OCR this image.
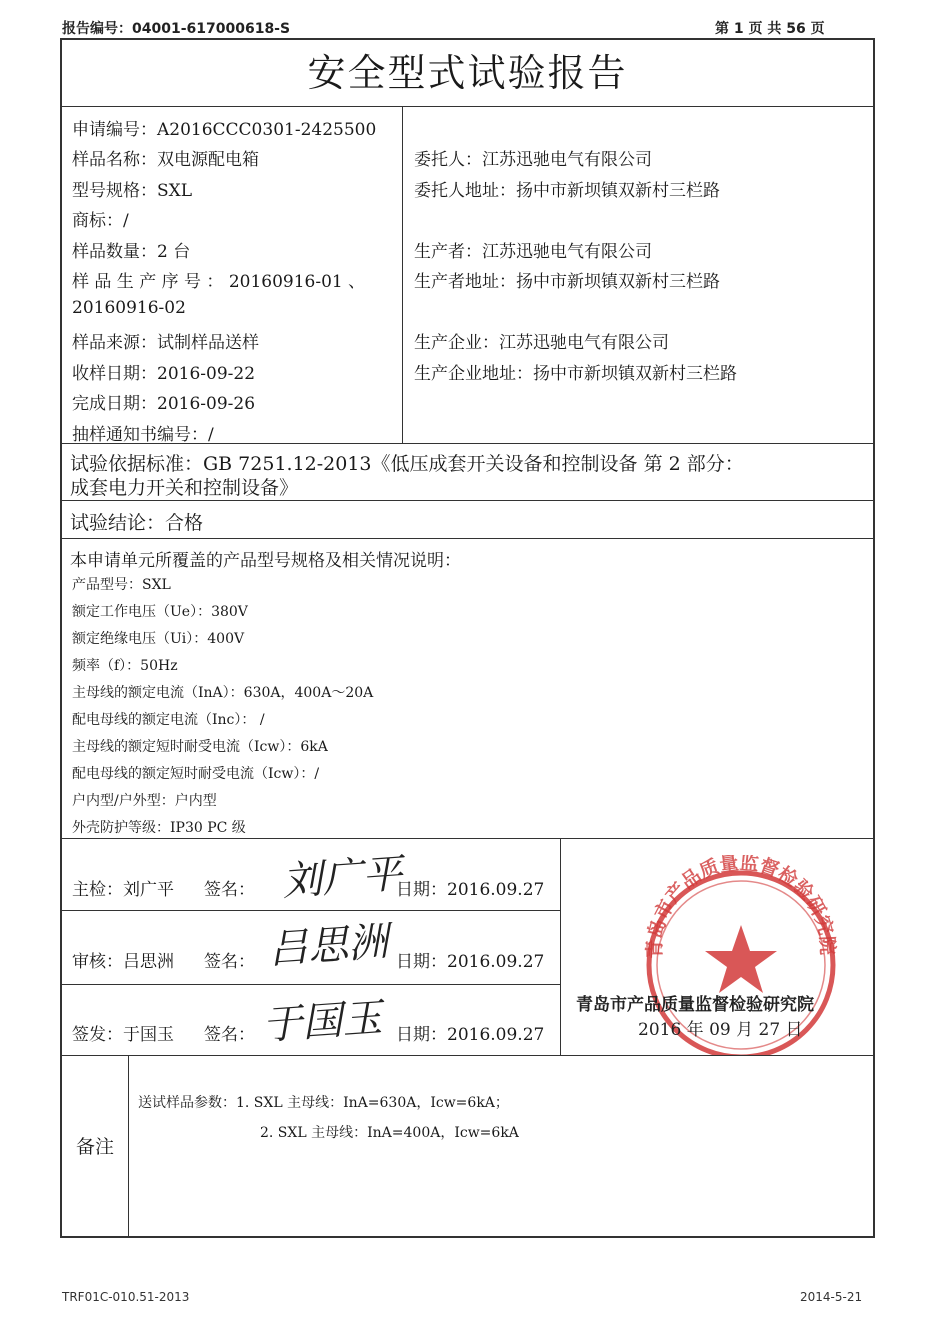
报告编号：04001-617000618-S	第 1 页 共 56 页
安全型式试验报告
申请编号：A2016CCC0301-2425500
样品名称：双电源配电箱
型号规格：SXL
商标：/
样品数量：2 台
样 品 生 产 序 号 ： 20160916-01 、
20160916-02
样品来源：试制样品送样
收样日期：2016-09-22
完成日期：2016-09-26
抽样通知书编号：/
委托人：江苏迅驰电气有限公司
委托人地址：扬中市新坝镇双新村三栏路
生产者：江苏迅驰电气有限公司
生产者地址：扬中市新坝镇双新村三栏路
生产企业：江苏迅驰电气有限公司
生产企业地址：扬中市新坝镇双新村三栏路
试验依据标准：GB 7251.12-2013《低压成套开关设备和控制设备 第 2 部分：
成套电力开关和控制设备》
试验结论：合格
本申请单元所覆盖的产品型号规格及相关情况说明：
产品型号：SXL
额定工作电压（Ue）：380V
额定绝缘电压（Ui）：400V
频率（f）：50Hz
主母线的额定电流（InA）：630A，400A～20A
配电母线的额定电流（Inc）： /
主母线的额定短时耐受电流（Icw）：6kA
配电母线的额定短时耐受电流（Icw）：/
户内型/户外型：户内型
外壳防护等级：IP30 PC 级
主检：刘广平 签名： 刘广平
日期：2016.09.27
审核：吕思洲 签名： 吕思洲 日期：2016.09.27
签发：于国玉 签名： 于国玉 日期：2016.09.27
青岛市产品质量监督检验研究院
青岛市产品质量监督检验研究院
2016 年 09 月 27 日
备注
送试样品参数：1. SXL 主母线：InA=630A，Icw=6kA；
2. SXL 主母线：InA=400A，Icw=6kA
TRF01C-010.51-2013	2014-5-21
